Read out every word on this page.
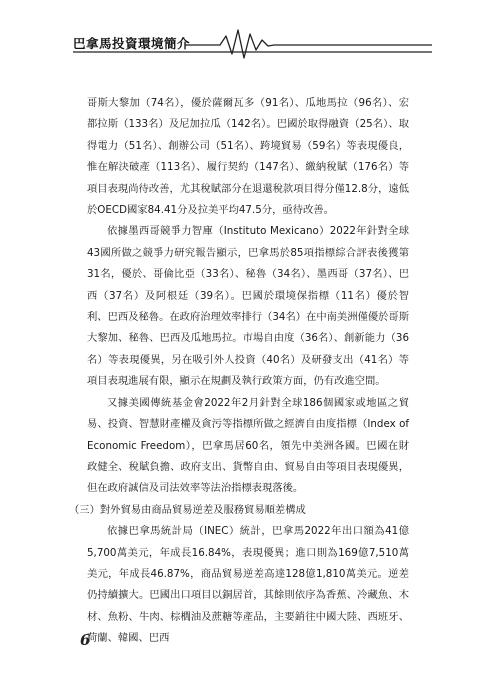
巴拿馬投資環境簡介

哥斯大黎加（74名），優於薩爾瓦多（91名）、瓜地馬拉（96名）、宏都拉斯（133名）及尼加拉瓜（142名）。巴國於取得融資（25名）、取得電力（51名）、創辦公司（51名）、跨境貿易（59名）等表現優良，惟在解決破產（113名）、履行契約（147名）、繳納稅賦（176名）等項目表現尚待改善，尤其稅賦部分在退還稅款項目得分僅12.8分，遠低於OECD國家84.41分及拉美平均47.5分，亟待改善。

依據墨西哥競爭力智庫（Instituto Mexicano）2022年針對全球43國所做之競爭力研究報告顯示，巴拿馬於85項指標綜合評表後獲第31名，優於、哥倫比亞（33名）、秘魯（34名）、墨西哥（37名）、巴西（37名）及阿根廷（39名）。巴國於環境保指標（11名）優於智利、巴西及秘魯。在政府治理效率排行（34名）在中南美洲僅優於哥斯大黎加、秘魯、巴西及瓜地馬拉。市場自由度（36名）、創新能力（36名）等表現優異，另在吸引外人投資（40名）及研發支出（41名）等項目表現進展有限，顯示在規劃及執行政策方面，仍有改進空間。

又據美國傳統基金會2022年2月針對全球186個國家或地區之貿易、投資、智慧財產權及貪污等指標所做之經濟自由度指標（Index of Economic Freedom），巴拿馬居60名，領先中美洲各國。巴國在財政健全、稅賦負擔、政府支出、貨幣自由、貿易自由等項目表現優異，但在政府誠信及司法效率等法治指標表現落後。

（三）對外貿易由商品貿易逆差及服務貿易順差構成

依據巴拿馬統計局（INEC）統計，巴拿馬2022年出口額為41億5,700萬美元，年成長16.84%，表現優異；進口則為169億7,510萬美元，年成長46.87%，商品貿易逆差高達128億1,810萬美元。逆差仍持續擴大。巴國出口項目以銅居首，其餘則依序為香蕉、冷藏魚、木材、魚粉、牛肉、棕櫚油及蔗糖等產品，主要銷往中國大陸、西班牙、荷蘭、韓國、巴西

6
